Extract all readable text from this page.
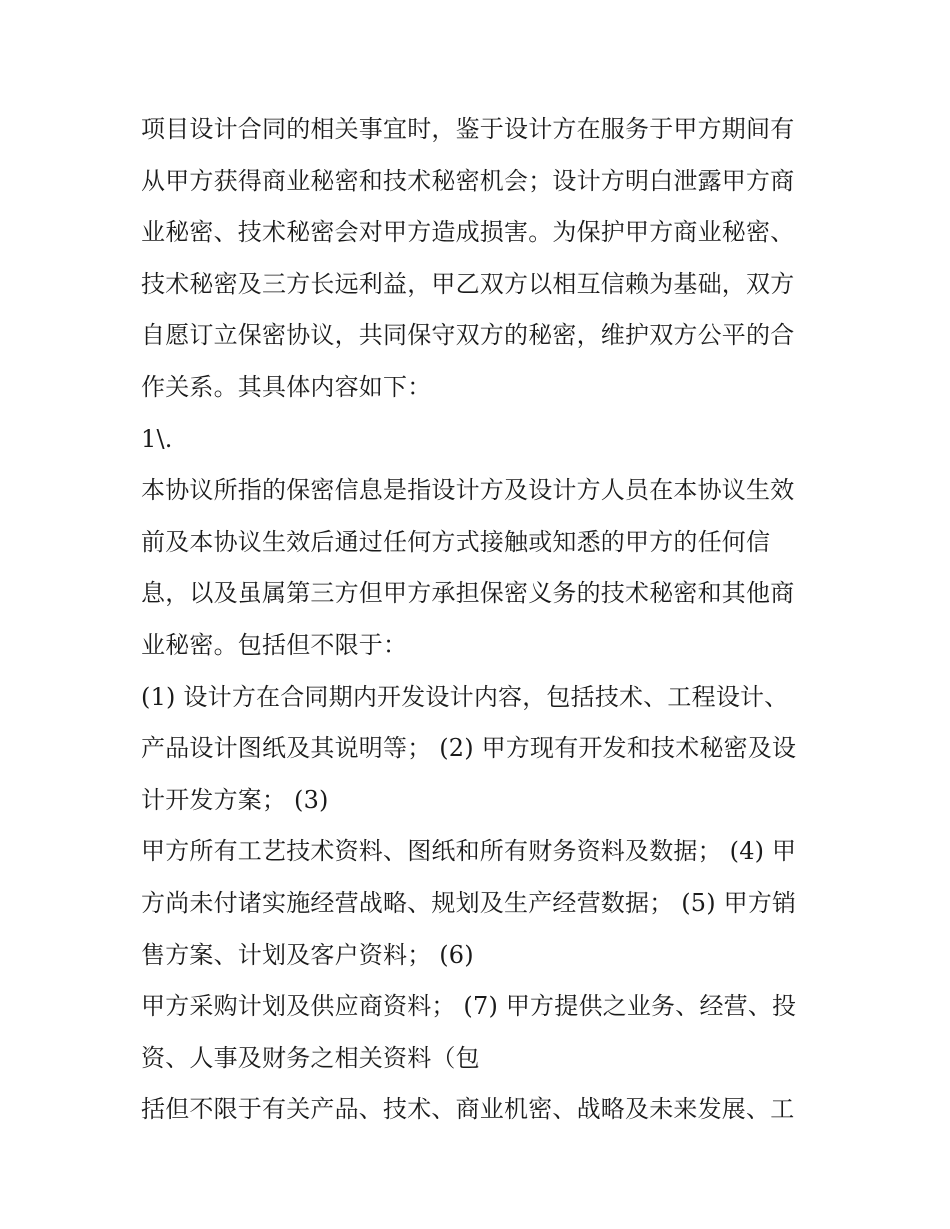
项目设计合同的相关事宜时，鉴于设计方在服务于甲方期间有
从甲方获得商业秘密和技术秘密机会；设计方明白泄露甲方商
业秘密、技术秘密会对甲方造成损害。为保护甲方商业秘密、
技术秘密及三方长远利益，甲乙双方以相互信赖为基础，双方
自愿订立保密协议，共同保守双方的秘密，维护双方公平的合
作关系。其具体内容如下：
1\.
本协议所指的保密信息是指设计方及设计方人员在本协议生效
前及本协议生效后通过任何方式接触或知悉的甲方的任何信
息，以及虽属第三方但甲方承担保密义务的技术秘密和其他商
业秘密。包括但不限于：
(1) 设计方在合同期内开发设计内容，包括技术、工程设计、
产品设计图纸及其说明等； (2) 甲方现有开发和技术秘密及设
计开发方案； (3)
甲方所有工艺技术资料、图纸和所有财务资料及数据； (4) 甲
方尚未付诸实施经营战略、规划及生产经营数据； (5) 甲方销
售方案、计划及客户资料； (6)
甲方采购计划及供应商资料； (7) 甲方提供之业务、经营、投
资、人事及财务之相关资料（包
括但不限于有关产品、技术、商业机密、战略及未来发展、工
